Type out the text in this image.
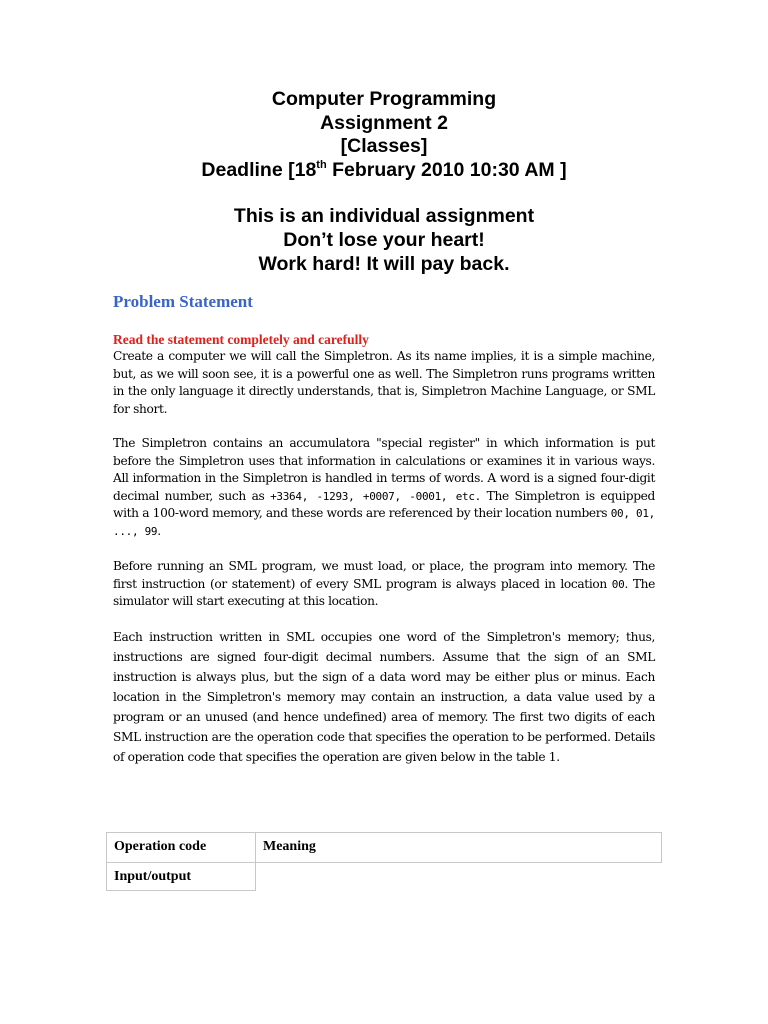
Computer Programming
Assignment 2
[Classes]
Deadline [18th February 2010 10:30 AM ]
This is an individual assignment
Don’t lose your heart!
Work hard! It will pay back.
Problem Statement
Read the statement completely and carefully

Create a computer we will call the Simpletron. As its name implies, it is a simple machine, but, as we will soon see, it is a powerful one as well. The Simpletron runs programs written in the only language it directly understands, that is, Simpletron Machine Language, or SML for short.

The Simpletron contains an accumulatora "special register" in which information is put before the Simpletron uses that information in calculations or examines it in various ways. All information in the Simpletron is handled in terms of words. A word is a signed four-digit decimal number, such as +3364, -1293, +0007, -0001, etc. The Simpletron is equipped with a 100-word memory, and these words are referenced by their location numbers 00, 01, ..., 99.

Before running an SML program, we must load, or place, the program into memory. The first instruction (or statement) of every SML program is always placed in location 00. The simulator will start executing at this location.

Each instruction written in SML occupies one word of the Simpletron's memory; thus, instructions are signed four-digit decimal numbers. Assume that the sign of an SML instruction is always plus, but the sign of a data word may be either plus or minus. Each location in the Simpletron's memory may contain an instruction, a data value used by a program or an unused (and hence undefined) area of memory. The first two digits of each SML instruction are the operation code that specifies the operation to be performed. Details of operation code that specifies the operation are given below in the table 1.

Operation code	Meaning
Input/output
